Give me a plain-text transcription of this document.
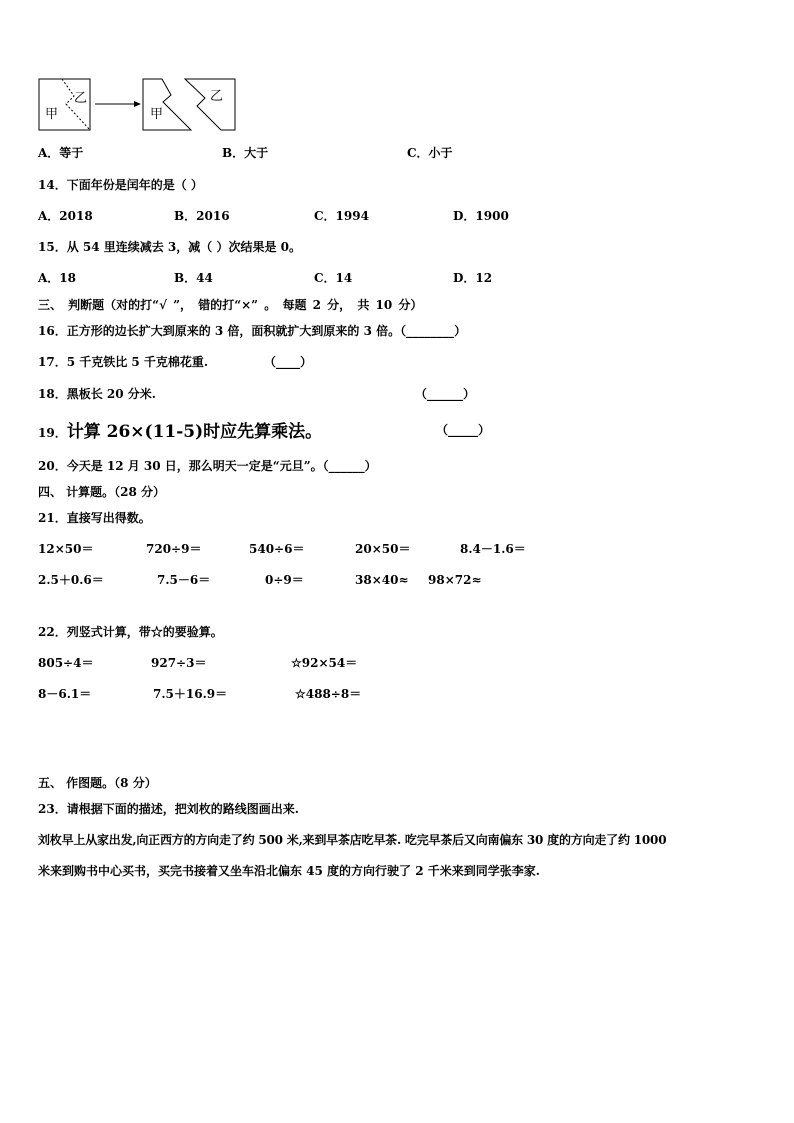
甲
乙
甲
乙
A．等于	B．大于	C．小于
14．下面年份是闰年的是（ ）
A．2018	B．2016	C．1994	D．1900
15．从 54 里连续减去 3，减（ ）次结果是 0。
A．18	B．44	C．14	D．12
三、 判断题（对的打“√ ”， 错的打“×” 。 每题 2 分， 共 10 分）
16．正方形的边长扩大到原来的 3 倍，面积就扩大到原来的 3 倍。（________）
17．5 千克铁比 5 千克棉花重.	（____）
18．黑板长 20 分米.	（______）
19．计算 26×(11-5)时应先算乘法。	（_____）
20．今天是 12 月 30 日，那么明天一定是“元旦”。（______）
四、 计算题。（28 分）
21．直接写出得数。
12×50＝	720÷9＝	540÷6＝	20×50＝	8.4－1.6＝
2.5＋0.6＝	7.5－6＝	0÷9＝	38×40≈ 98×72≈
22．列竖式计算，带☆的要验算。
805÷4＝	927÷3＝	☆92×54＝
8－6.1＝	7.5＋16.9＝	☆488÷8＝
五、 作图题。（8 分）
23．请根据下面的描述，把刘枚的路线图画出来.
刘枚早上从家出发,向正西方的方向走了约 500 米,来到早茶店吃早茶. 吃完早茶后又向南偏东 30 度的方向走了约 1000
米来到购书中心买书，买完书接着又坐车沿北偏东 45 度的方向行驶了 2 千米来到同学张李家.
